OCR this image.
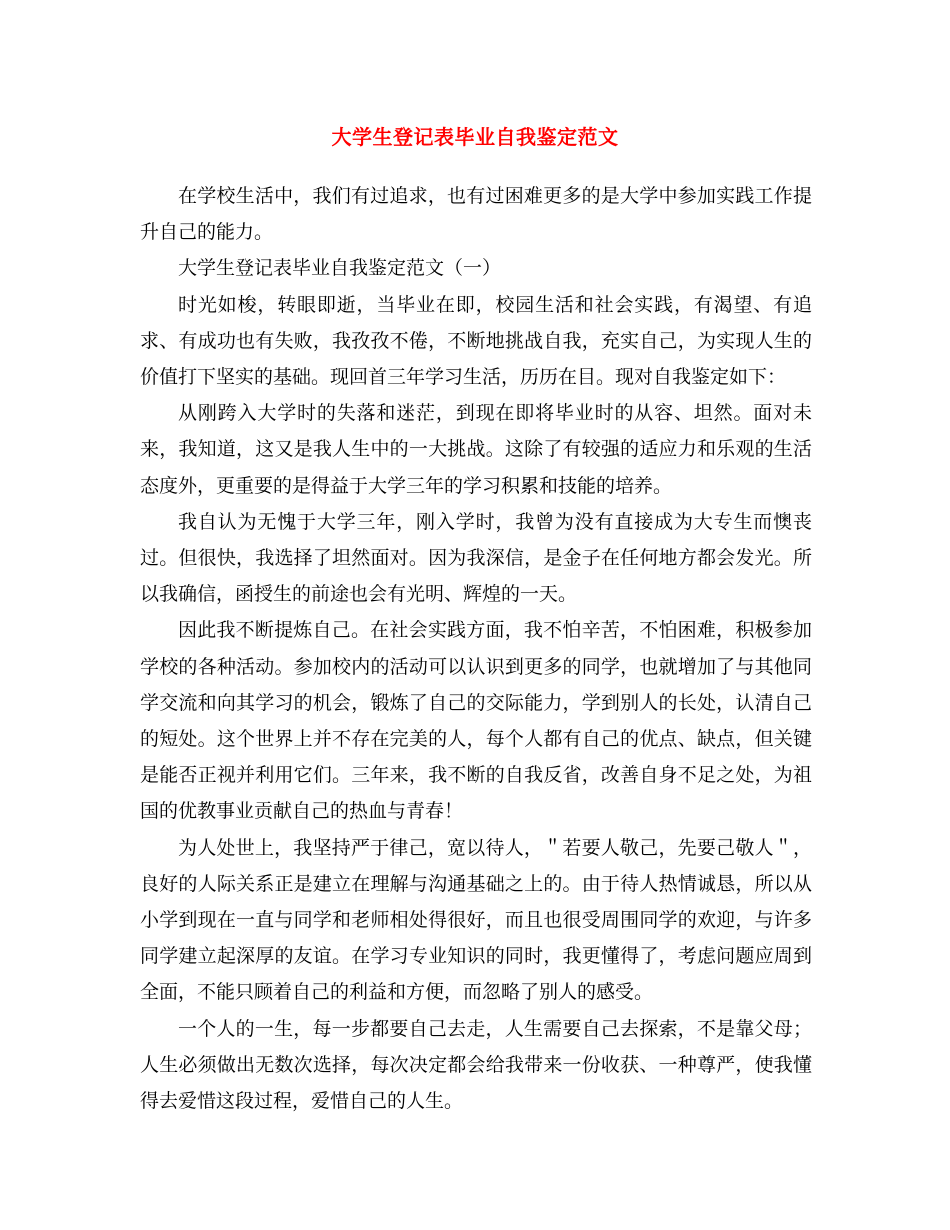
大学生登记表毕业自我鉴定范文

在学校生活中，我们有过追求，也有过困难更多的是大学中参加实践工作提升自己的能力。

大学生登记表毕业自我鉴定范文（一）

时光如梭，转眼即逝，当毕业在即，校园生活和社会实践，有渴望、有追求、有成功也有失败，我孜孜不倦，不断地挑战自我，充实自己，为实现人生的价值打下坚实的基础。现回首三年学习生活，历历在目。现对自我鉴定如下：

从刚跨入大学时的失落和迷茫，到现在即将毕业时的从容、坦然。面对未来，我知道，这又是我人生中的一大挑战。这除了有较强的适应力和乐观的生活态度外，更重要的是得益于大学三年的学习积累和技能的培养。

我自认为无愧于大学三年，刚入学时，我曾为没有直接成为大专生而懊丧过。但很快，我选择了坦然面对。因为我深信，是金子在任何地方都会发光。所以我确信，函授生的前途也会有光明、辉煌的一天。

因此我不断提炼自己。在社会实践方面，我不怕辛苦，不怕困难，积极参加学校的各种活动。参加校内的活动可以认识到更多的同学，也就增加了与其他同学交流和向其学习的机会，锻炼了自己的交际能力，学到别人的长处，认清自己的短处。这个世界上并不存在完美的人，每个人都有自己的优点、缺点，但关键是能否正视并利用它们。三年来，我不断的自我反省，改善自身不足之处，为祖国的优教事业贡献自己的热血与青春！

为人处世上，我坚持严于律己，宽以待人，＂若要人敬己，先要己敬人＂，良好的人际关系正是建立在理解与沟通基础之上的。由于待人热情诚恳，所以从小学到现在一直与同学和老师相处得很好，而且也很受周围同学的欢迎，与许多同学建立起深厚的友谊。在学习专业知识的同时，我更懂得了，考虑问题应周到全面，不能只顾着自己的利益和方便，而忽略了别人的感受。

一个人的一生，每一步都要自己去走，人生需要自己去探索，不是靠父母；人生必须做出无数次选择，每次决定都会给我带来一份收获、一种尊严，使我懂得去爱惜这段过程，爱惜自己的人生。
